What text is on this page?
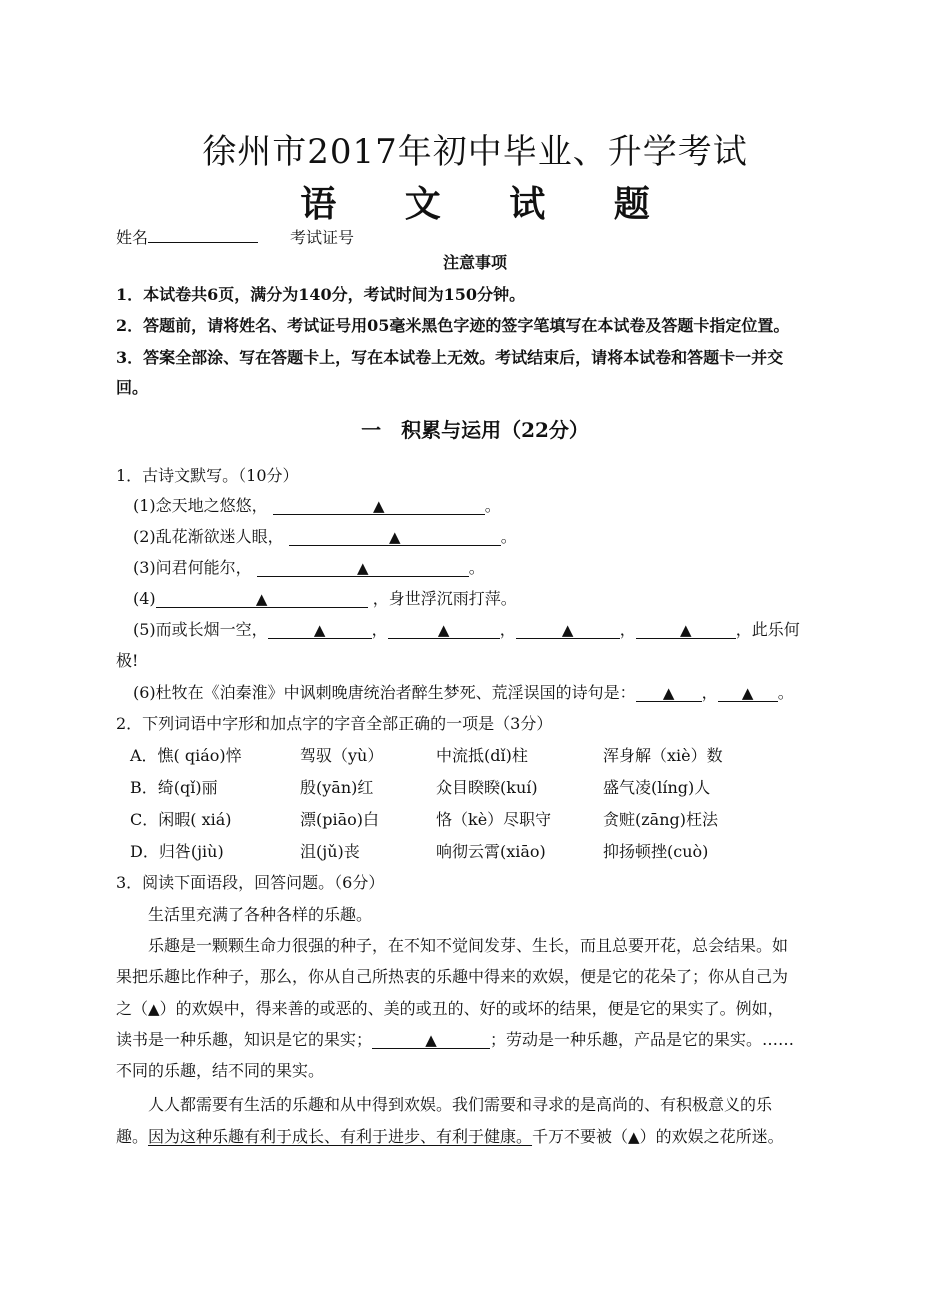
徐州市2017年初中毕业、升学考试
语 文 试 题
姓名	考试证号
注意事项
1．本试卷共6页，满分为140分，考试时间为150分钟。
2．答题前，请将姓名、考试证号用05毫米黑色字迹的签字笔填写在本试卷及答题卡指定位置。
3．答案全部涂、写在答题卡上，写在本试卷上无效。考试结束后，请将本试卷和答题卡一并交
回。
一　积累与运用（22分）
1．古诗文默写。（10分）
(1)念天地之悠悠，	▲	。
(2)乱花渐欲迷人眼，	▲	。
(3)问君何能尔，	▲	。
(4)	▲	，身世浮沉雨打萍。
(5)而或长烟一空，	▲	，	▲	，	▲	，	▲	，此乐何
极!
(6)杜牧在《泊秦淮》中讽刺晚唐统治者醉生梦死、荒淫误国的诗句是： ▲ ， ▲ 。
2．下列词语中字形和加点字的字音全部正确的一项是（3分）
A．憔( qiáo)悴	驾驭（yù）	中流抵(dǐ)柱	浑身解（xiè）数
B．绮(qǐ)丽	殷(yān)红	众目睽睽(kuí)	盛气凌(líng)人
C．闲暇( xiá)	漂(piāo)白	恪（kè）尽职守	贪赃(zāng)枉法
D．归咎(jiù)	沮(jǔ)丧	响彻云霄(xiāo)	抑扬顿挫(cuò)
3．阅读下面语段，回答问题。（6分）
生活里充满了各种各样的乐趣。
乐趣是一颗颗生命力很强的种子，在不知不觉间发芽、生长，而且总要开花，总会结果。如
果把乐趣比作种子，那么，你从自己所热衷的乐趣中得来的欢娱，便是它的花朵了；你从自己为
之（▲）的欢娱中，得来善的或恶的、美的或丑的、好的或坏的结果，便是它的果实了。例如，
读书是一种乐趣，知识是它的果实；	▲	；劳动是一种乐趣，产品是它的果实。……
不同的乐趣，结不同的果实。
人人都需要有生活的乐趣和从中得到欢娱。我们需要和寻求的是高尚的、有积极意义的乐
趣。因为这种乐趣有利于成长、有利于进步、有利于健康。千万不要被（▲）的欢娱之花所迷。
